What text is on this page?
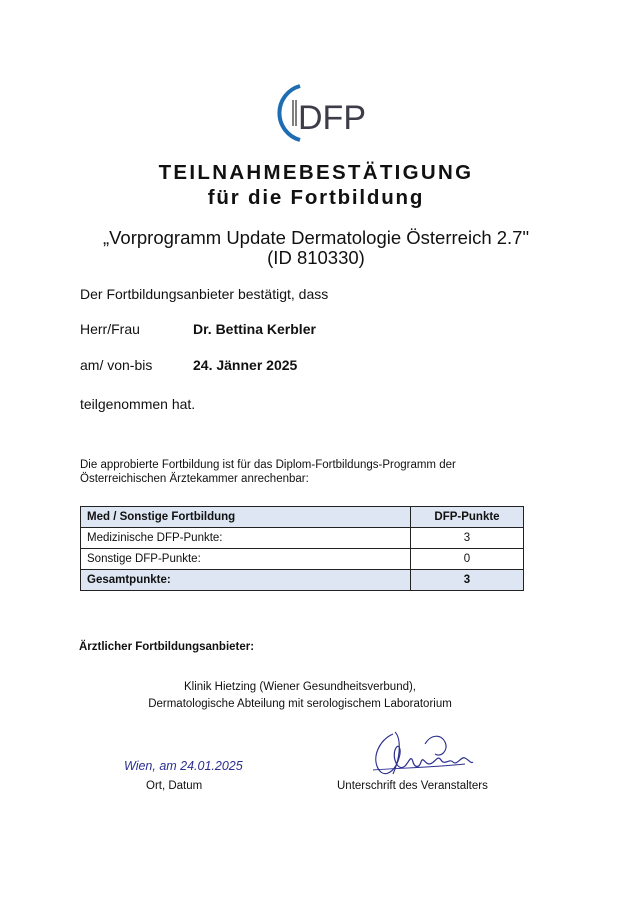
DFP
TEILNAHMEBESTÄTIGUNG
für die Fortbildung
„Vorprogramm Update Dermatologie Österreich 2.7"
(ID 810330)
Der Fortbildungsanbieter bestätigt, dass
Herr/Frau	Dr. Bettina Kerbler
am/ von-bis	24. Jänner 2025
teilgenommen hat.
Die approbierte Fortbildung ist für das Diplom-Fortbildungs-Programm der
Österreichischen Ärztekammer anrechenbar:
Med / Sonstige Fortbildung	DFP-Punkte
Medizinische DFP-Punkte:	3
Sonstige DFP-Punkte:	0
Gesamtpunkte:	3
Ärztlicher Fortbildungsanbieter:
Klinik Hietzing (Wiener Gesundheitsverbund),
Dermatologische Abteilung mit serologischem Laboratorium
Wien, am 24.01.2025
Ort, Datum	Unterschrift des Veranstalters
